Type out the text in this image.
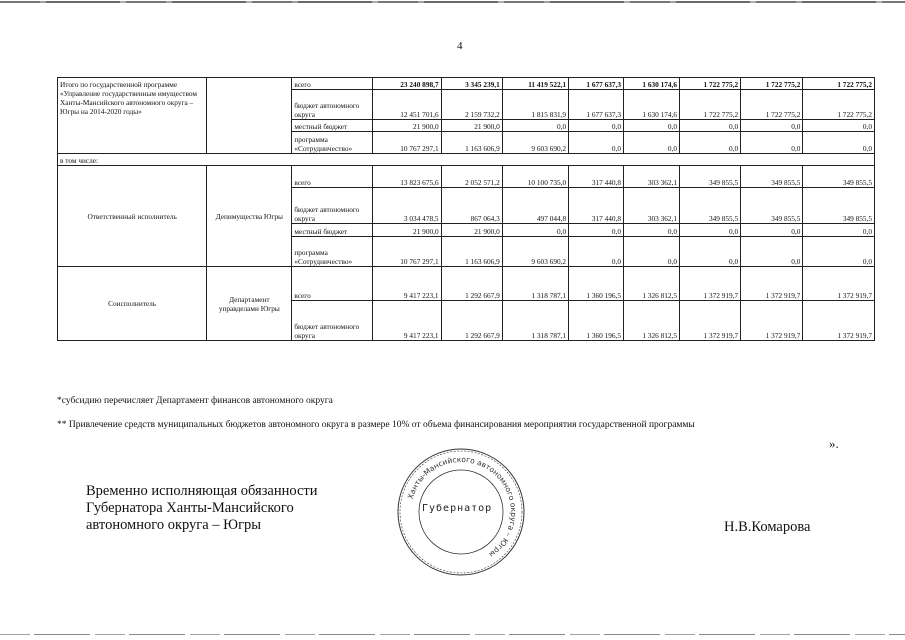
4
Итого по государственной программе «Управление государственным имуществом Ханты-Мансийского автономного округа – Югры на 2014-2020 годы»		всего	23 240 898,7	3 345 239,1	11 419 522,1	1 677 637,3	1 630 174,6	1 722 775,2	1 722 775,2	1 722 775,2
		бюджет автономного округа	12 451 701,6	2 159 732,2	1 815 831,9	1 677 637,3	1 630 174,6	1 722 775,2	1 722 775,2	1 722 775,2
		местный бюджет	21 900,0	21 900,0	0,0	0,0	0,0	0,0	0,0	0,0
		программа «Сотрудничество»	10 767 297,1	1 163 606,9	9 603 690,2	0,0	0,0	0,0	0,0	0,0
в том числе:										
Ответственный исполнитель	Депимущества Югры	всего	13 823 675,6	2 052 571,2	10 100 735,0	317 440,8	303 362,1	349 855,5	349 855,5	349 855,5
		бюджет автономного округа	3 034 478,5	867 064,3	497 044,8	317 440,8	303 362,1	349 855,5	349 855,5	349 855,5
		местный бюджет	21 900,0	21 900,0	0,0	0,0	0,0	0,0	0,0	0,0
		программа «Сотрудничество»	10 767 297,1	1 163 606,9	9 603 690,2	0,0	0,0	0,0	0,0	0,0
Соисполнитель	Департамент управделами Югры	всего	9 417 223,1	1 292 667,9	1 318 787,1	1 360 196,5	1 326 812,5	1 372 919,7	1 372 919,7	1 372 919,7
		бюджет автономного округа	9 417 223,1	1 292 667,9	1 318 787,1	1 360 196,5	1 326 812,5	1 372 919,7	1 372 919,7	1 372 919,7
*субсидию перечисляет Департамент финансов автономного округа
** Привлечение средств муниципальных бюджетов автономного округа в размере 10% от объема финансирования мероприятия государственной программы
».
Временно исполняющая обязанности
Губернатора Ханты-Мансийского
автономного округа – Югры
Ханты-Мансийского автономного округа – Югры
Губернатор
Н.В.Комарова
